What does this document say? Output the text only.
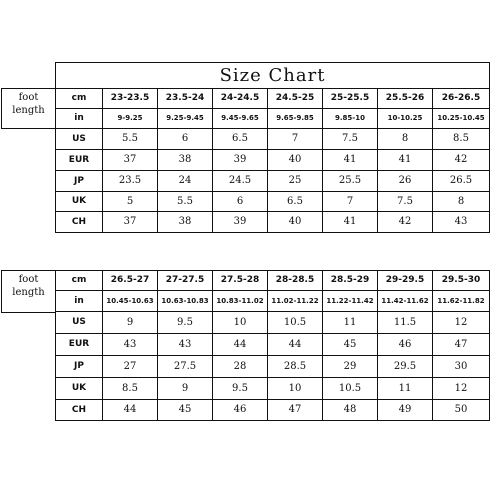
Size Chart							
cm	23-23.5	23.5-24	24-24.5	24.5-25	25-25.5	25.5-26	26-26.5
in	9-9.25	9.25-9.45	9.45-9.65	9.65-9.85	9.85-10	10-10.25	10.25-10.45
US	5.5	6	6.5	7	7.5	8	8.5
EUR	37	38	39	40	41	41	42
JP	23.5	24	24.5	25	25.5	26	26.5
UK	5	5.5	6	6.5	7	7.5	8
CH	37	38	39	40	41	42	43
foot
length
cm	26.5-27	27-27.5	27.5-28	28-28.5	28.5-29	29-29.5	29.5-30
in	10.45-10.63	10.63-10.83	10.83-11.02	11.02-11.22	11.22-11.42	11.42-11.62	11.62-11.82
US	9	9.5	10	10.5	11	11.5	12
EUR	43	43	44	44	45	46	47
JP	27	27.5	28	28.5	29	29.5	30
UK	8.5	9	9.5	10	10.5	11	12
CH	44	45	46	47	48	49	50
foot
length
